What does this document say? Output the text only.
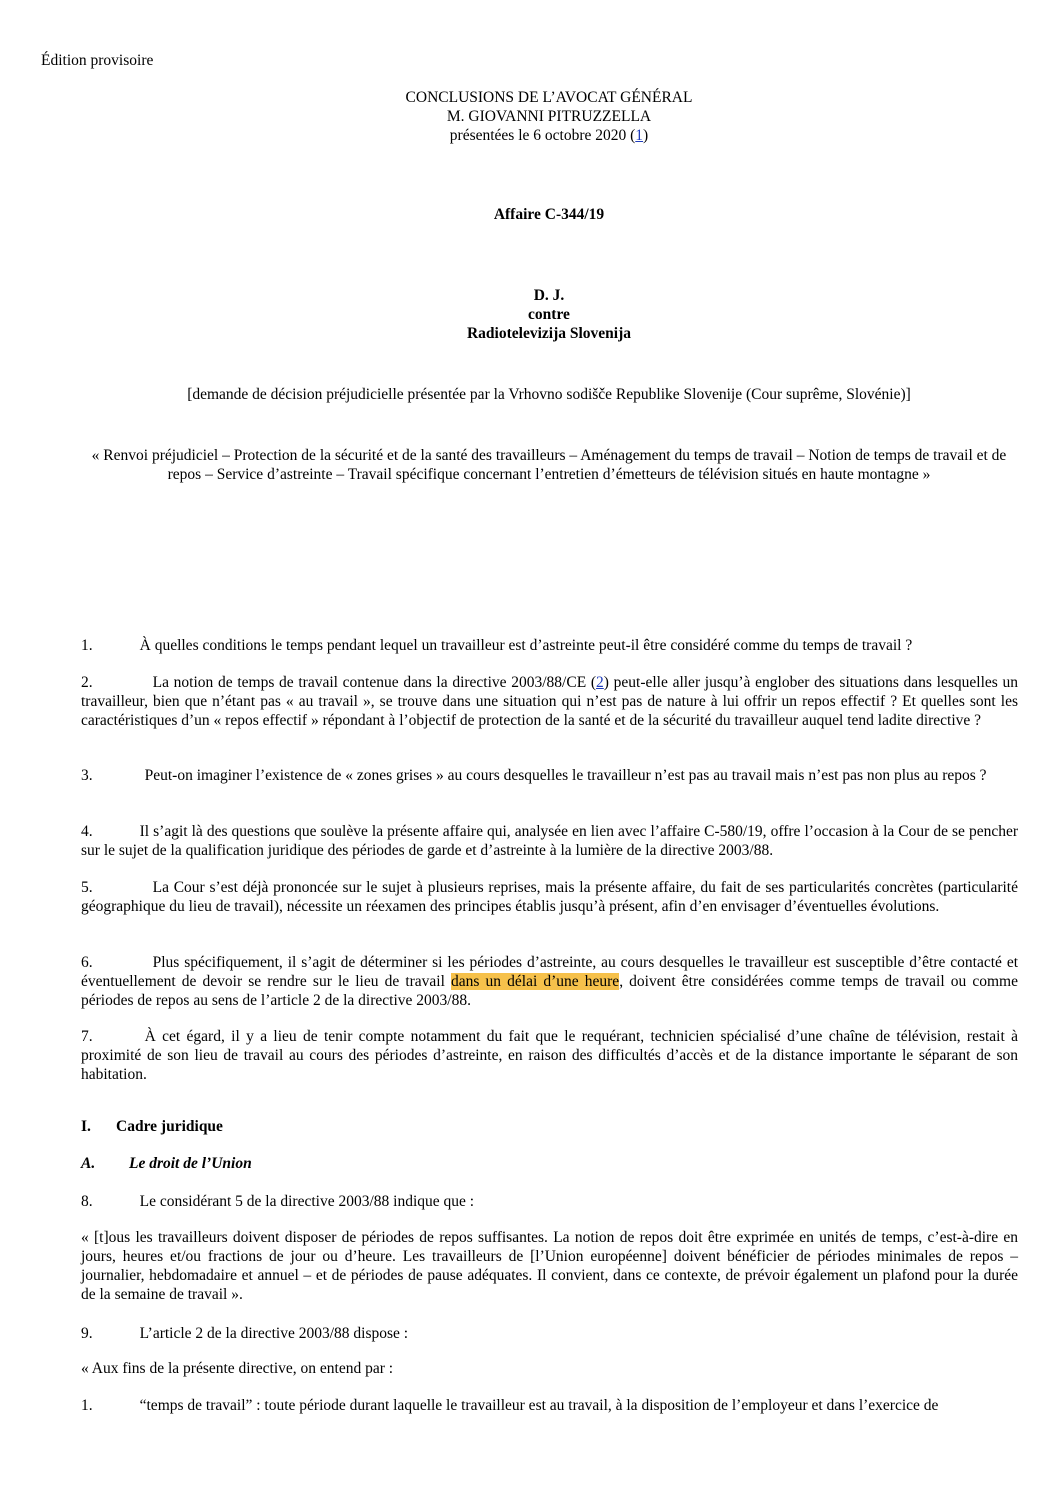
Édition provisoire
CONCLUSIONS DE L’AVOCAT GÉNÉRAL
M. GIOVANNI PITRUZZELLA
présentées le 6 octobre 2020 (1)
Affaire C‑344/19
D. J.
contre
Radiotelevizija Slovenija
[demande de décision préjudicielle présentée par la Vrhovno sodišče Republike Slovenije (Cour suprême, Slovénie)]
« Renvoi préjudiciel – Protection de la sécurité et de la santé des travailleurs – Aménagement du temps de travail – Notion de temps de travail et de repos – Service d’astreinte – Travail spécifique concernant l’entretien d’émetteurs de télévision situés en haute montagne »
1.	À quelles conditions le temps pendant lequel un travailleur est d’astreinte peut-il être considéré comme du temps de travail ?
2.	La notion de temps de travail contenue dans la directive 2003/88/CE (2) peut-elle aller jusqu’à englober des situations dans lesquelles un travailleur, bien que n’étant pas « au travail », se trouve dans une situation qui n’est pas de nature à lui offrir un repos effectif ? Et quelles sont les caractéristiques d’un « repos effectif » répondant à l’objectif de protection de la santé et de la sécurité du travailleur auquel tend ladite directive ?
3.	Peut-on imaginer l’existence de « zones grises » au cours desquelles le travailleur n’est pas au travail mais n’est pas non plus au repos ?
4.	Il s’agit là des questions que soulève la présente affaire qui, analysée en lien avec l’affaire C‑580/19, offre l’occasion à la Cour de se pencher sur le sujet de la qualification juridique des périodes de garde et d’astreinte à la lumière de la directive 2003/88.
5.	La Cour s’est déjà prononcée sur le sujet à plusieurs reprises, mais la présente affaire, du fait de ses particularités concrètes (particularité géographique du lieu de travail), nécessite un réexamen des principes établis jusqu’à présent, afin d’en envisager d’éventuelles évolutions.
6.	Plus spécifiquement, il s’agit de déterminer si les périodes d’astreinte, au cours desquelles le travailleur est susceptible d’être contacté et éventuellement de devoir se rendre sur le lieu de travail dans un délai d’une heure, doivent être considérées comme temps de travail ou comme périodes de repos au sens de l’article 2 de la directive 2003/88.
7.	À cet égard, il y a lieu de tenir compte notamment du fait que le requérant, technicien spécialisé d’une chaîne de télévision, restait à proximité de son lieu de travail au cours des périodes d’astreinte, en raison des difficultés d’accès et de la distance importante le séparant de son habitation.
I. Cadre juridique
A. Le droit de l’Union
8.	Le considérant 5 de la directive 2003/88 indique que :
« [t]ous les travailleurs doivent disposer de périodes de repos suffisantes. La notion de repos doit être exprimée en unités de temps, c’est-à-dire en jours, heures et/ou fractions de jour ou d’heure. Les travailleurs de [l’Union européenne] doivent bénéficier de périodes minimales de repos – journalier, hebdomadaire et annuel – et de périodes de pause adéquates. Il convient, dans ce contexte, de prévoir également un plafond pour la durée de la semaine de travail ».
9.	L’article 2 de la directive 2003/88 dispose :
« Aux fins de la présente directive, on entend par :
1.	“temps de travail” : toute période durant laquelle le travailleur est au travail, à la disposition de l’employeur et dans l’exercice de
